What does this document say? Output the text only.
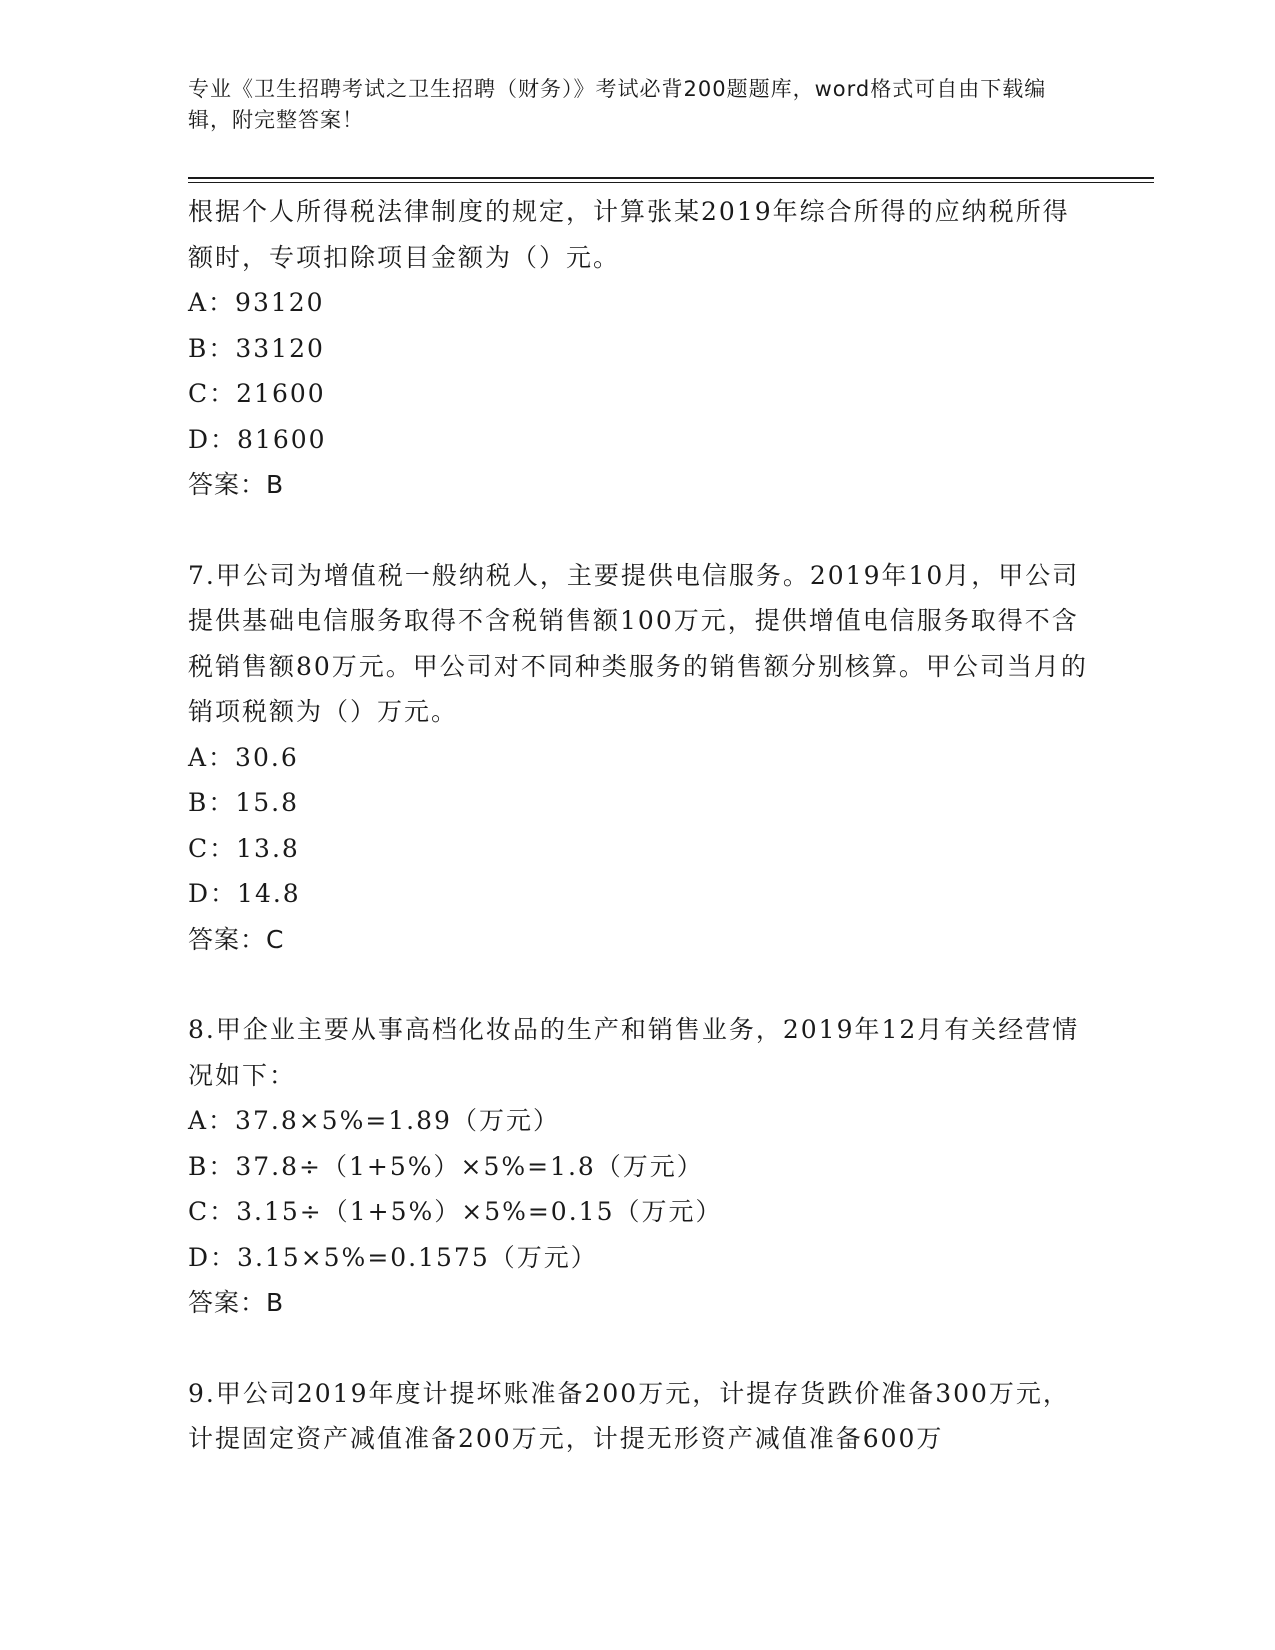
专业《卫生招聘考试之卫生招聘（财务）》考试必背200题题库，word格式可自由下载编辑，附完整答案！

根据个人所得税法律制度的规定，计算张某2019年综合所得的应纳税所得额时，专项扣除项目金额为（）元。

A：93120

B：33120

C：21600

D：81600

答案：B

7.甲公司为增值税一般纳税人，主要提供电信服务。2019年10月，甲公司提供基础电信服务取得不含税销售额100万元，提供增值电信服务取得不含税销售额80万元。甲公司对不同种类服务的销售额分别核算。甲公司当月的销项税额为（）万元。

A：30.6

B：15.8

C：13.8

D：14.8

答案：C

8.甲企业主要从事高档化妆品的生产和销售业务，2019年12月有关经营情况如下：

A：37.8×5%=1.89（万元）

B：37.8÷（1+5%）×5%=1.8（万元）

C：3.15÷（1+5%）×5%=0.15（万元）

D：3.15×5%=0.1575（万元）

答案：B

9.甲公司2019年度计提坏账准备200万元，计提存货跌价准备300万元，计提固定资产减值准备200万元，计提无形资产减值准备600万
